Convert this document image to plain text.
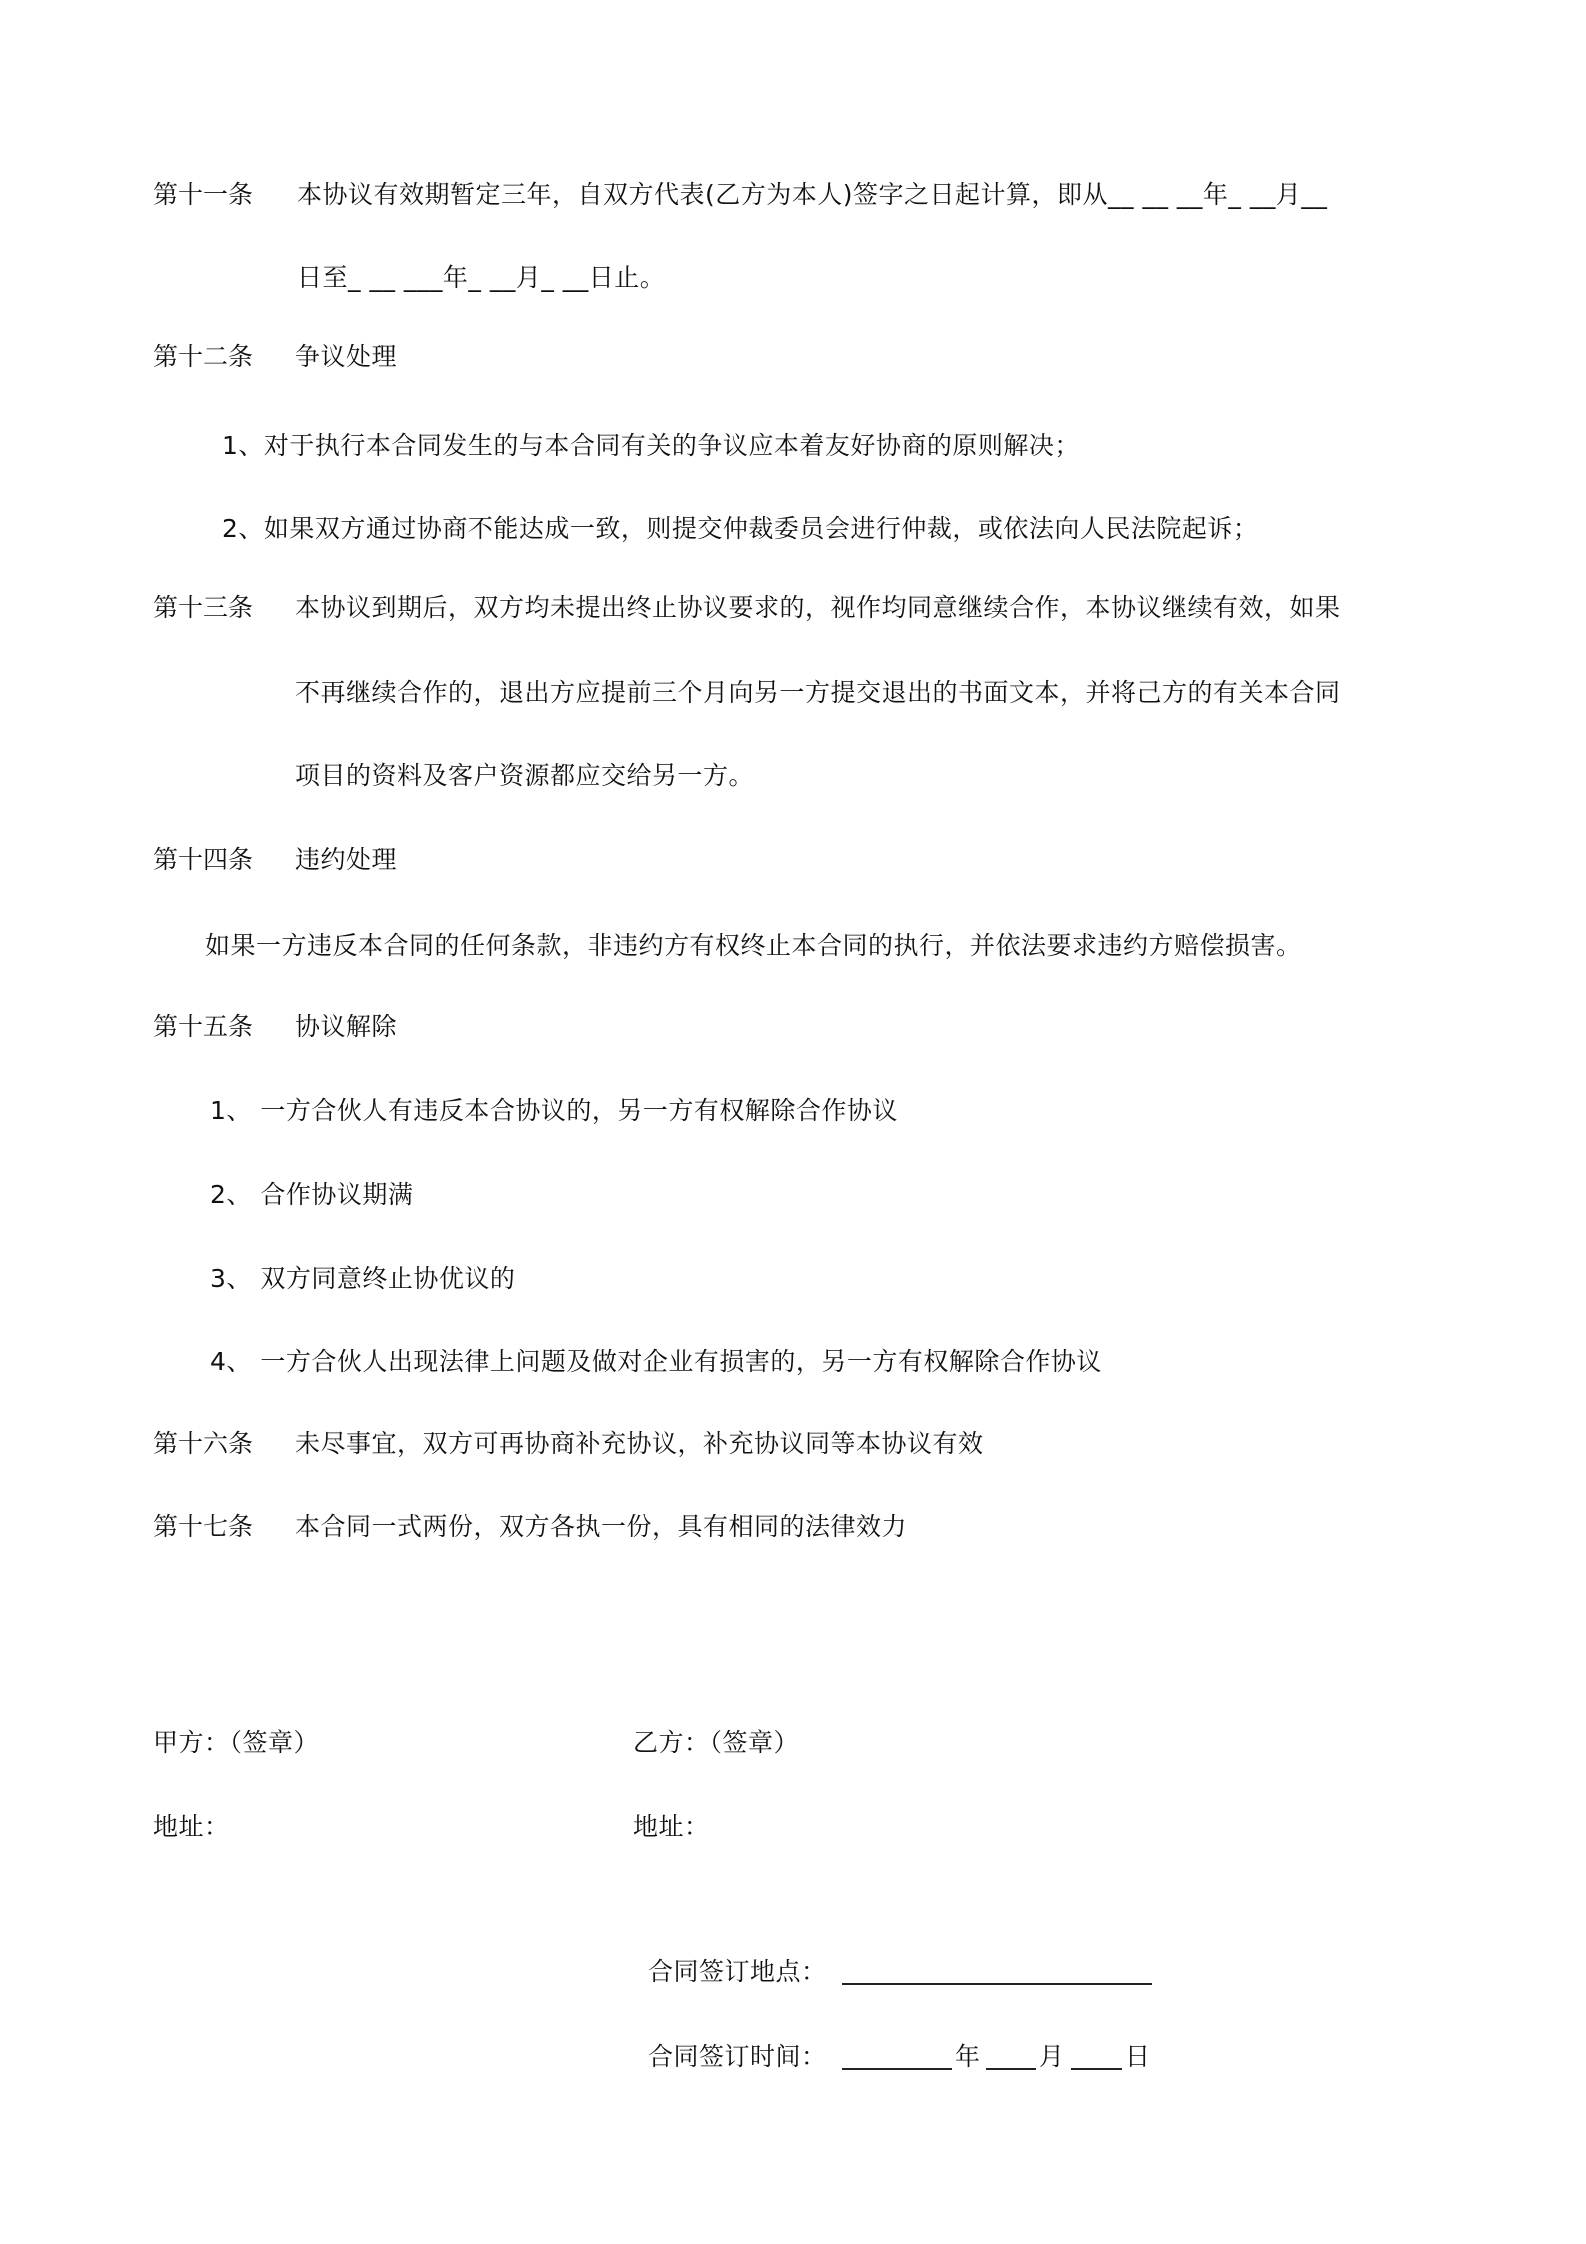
第十一条 本协议有效期暂定三年，自双方代表(乙方为本人)签字之日起计算，即从__ __ __年_ __月__
日至_ __ ___年_ __月_ __日止。
第十二条 争议处理
1、对于执行本合同发生的与本合同有关的争议应本着友好协商的原则解决；
2、如果双方通过协商不能达成一致，则提交仲裁委员会进行仲裁，或依法向人民法院起诉；
第十三条 本协议到期后，双方均未提出终止协议要求的，视作均同意继续合作，本协议继续有效，如果
不再继续合作的，退出方应提前三个月向另一方提交退出的书面文本，并将己方的有关本合同
项目的资料及客户资源都应交给另一方。
第十四条 违约处理
如果一方违反本合同的任何条款，非违约方有权终止本合同的执行，并依法要求违约方赔偿损害。
第十五条 协议解除
1、 一方合伙人有违反本合协议的，另一方有权解除合作协议
2、 合作协议期满
3、 双方同意终止协优议的
4、 一方合伙人出现法律上问题及做对企业有损害的，另一方有权解除合作协议
第十六条 未尽事宜，双方可再协商补充协议，补充协议同等本协议有效
第十七条 本合同一式两份，双方各执一份，具有相同的法律效力
甲方：（签章）	乙方：（签章）
地址：	地址：
合同签订地点：
合同签订时间：	年 月 日
